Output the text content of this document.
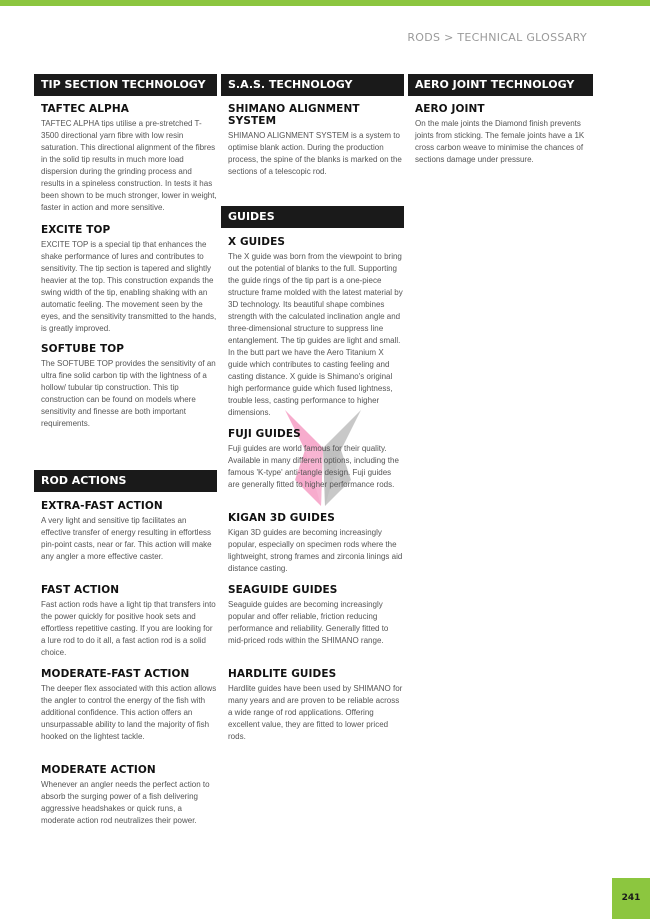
RODS > TECHNICAL GLOSSARY
TIP SECTION TECHNOLOGY
TAFTEC ALPHA

TAFTEC ALPHA tips utilise a pre-stretched T-3500 directional yarn fibre with low resin saturation. This directional alignment of the fibres in the solid tip results in much more load dispersion during the grinding process and results in a spineless construction. In tests it has been shown to be much stronger, lower in weight, faster in action and more sensitive.

EXCITE TOP

EXCITE TOP is a special tip that enhances the shake performance of lures and contributes to sensitivity. The tip section is tapered and slightly heavier at the top. This construction expands the swing width of the tip, enabling shaking with an automatic feeling. The movement seen by the eyes, and the sensitivity transmitted to the hands, is greatly improved.

SOFTUBE TOP

The SOFTUBE TOP provides the sensitivity of an ultra fine solid carbon tip with the lightness of a hollow/ tubular tip construction. This tip construction can be found on models where sensitivity and finesse are both important requirements.

ROD ACTIONS
EXTRA-FAST ACTION

A very light and sensitive tip facilitates an effective transfer of energy resulting in effortless pin-point casts, near or far. This action will make any angler a more effective caster.

FAST ACTION

Fast action rods have a light tip that transfers into the power quickly for positive hook sets and effortless repetitive casting. If you are looking for a lure rod to do it all, a fast action rod is a solid choice.

MODERATE-FAST ACTION

The deeper flex associated with this action allows the angler to control the energy of the fish with additional confidence. This action offers an unsurpassable ability to land the majority of fish hooked on the lightest tackle.

MODERATE ACTION

Whenever an angler needs the perfect action to absorb the surging power of a fish delivering aggressive headshakes or quick runs, a moderate action rod neutralizes their power.

S.A.S. TECHNOLOGY
SHIMANO ALIGNMENT SYSTEM

SHIMANO ALIGNMENT SYSTEM is a system to optimise blank action. During the production process, the spine of the blanks is marked on the sections of a telescopic rod.

GUIDES
X GUIDES

The X guide was born from the viewpoint to bring out the potential of blanks to the full. Supporting the guide rings of the tip part is a one-piece structure frame molded with the latest material by 3D technology. Its beautiful shape combines strength with the calculated inclination angle and three-dimensional structure to suppress line entanglement. The tip guides are light and small. In the butt part we have the Aero Titanium X guide which contributes to casting feeling and casting distance. X guide is Shimano's original high performance guide which fused lightness, trouble less, casting performance to higher dimensions.

FUJI GUIDES

Fuji guides are world famous for their quality. Available in many different options, including the famous 'K-type' anti-tangle design. Fuji guides are generally fitted to higher performance rods.

KIGAN 3D GUIDES

Kigan 3D guides are becoming increasingly popular, especially on specimen rods where the lightweight, strong frames and zirconia linings aid distance casting.

SEAGUIDE GUIDES

Seaguide guides are becoming increasingly popular and offer reliable, friction reducing performance and reliability. Generally fitted to mid-priced rods within the SHIMANO range.

HARDLITE GUIDES

Hardlite guides have been used by SHIMANO for many years and are proven to be reliable across a wide range of rod applications. Offering excellent value, they are fitted to lower priced rods.

AERO JOINT TECHNOLOGY
AERO JOINT

On the male joints the Diamond finish prevents joints from sticking. The female joints have a 1K cross carbon weave to minimise the chances of sections damage under pressure.

241
